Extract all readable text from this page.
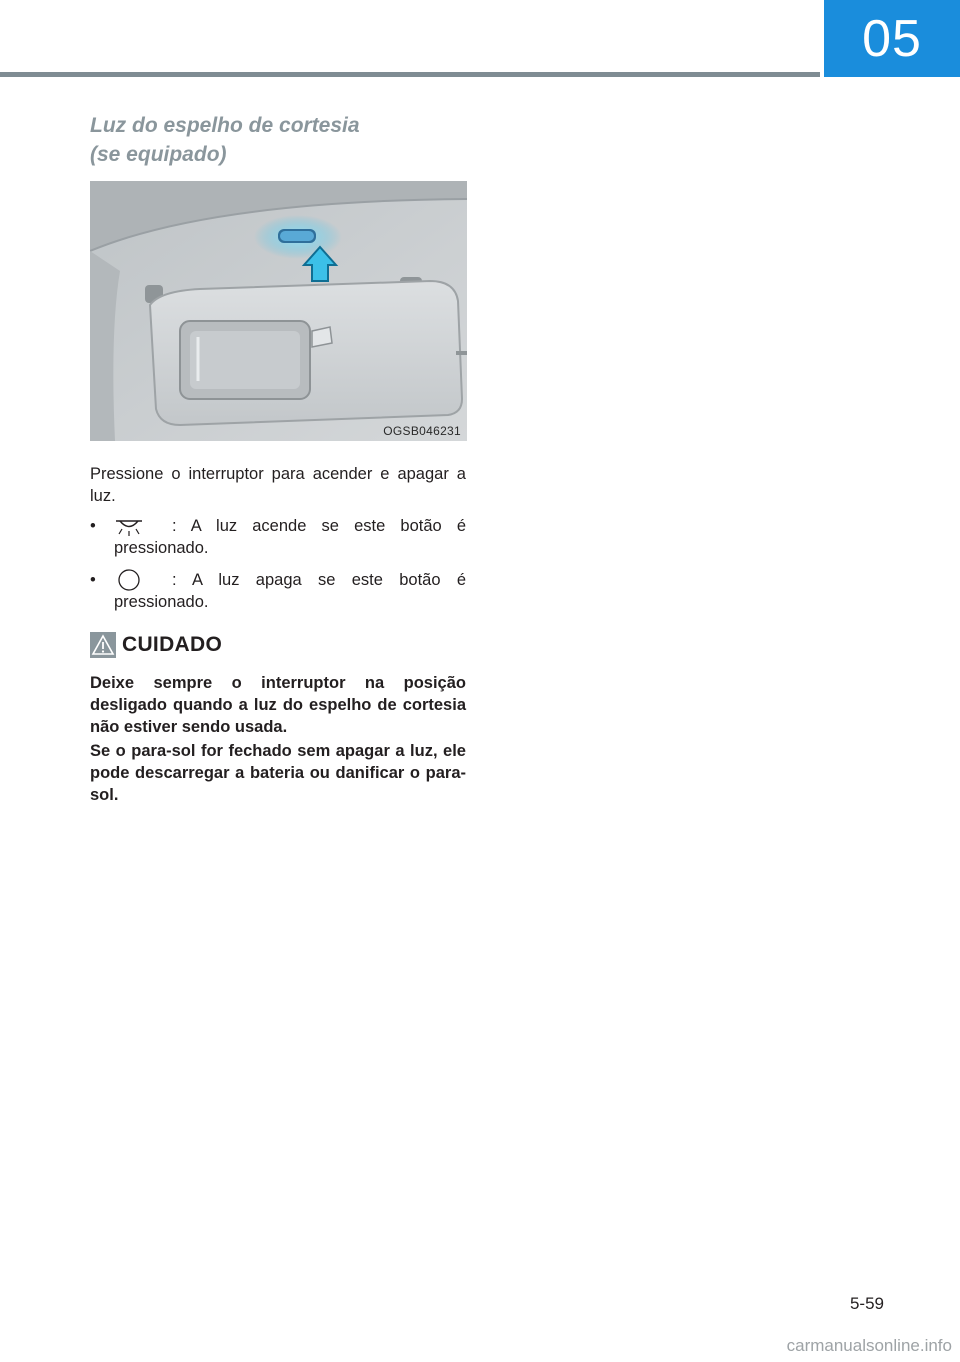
05
Luz do espelho de cortesia
(se equipado)
OGSB046231

Pressione o interruptor para acender e apagar a luz.

•	: A luz acende se este botão é pressionado.
•	: A luz apaga se este botão é pressionado.
CUIDADO

Deixe sempre o interruptor na posição desligado quando a luz do espelho de cortesia não estiver sendo usada.

Se o para-sol for fechado sem apagar a luz, ele pode descarregar a bateria ou danificar o para-sol.

5-59
carmanualsonline.info
